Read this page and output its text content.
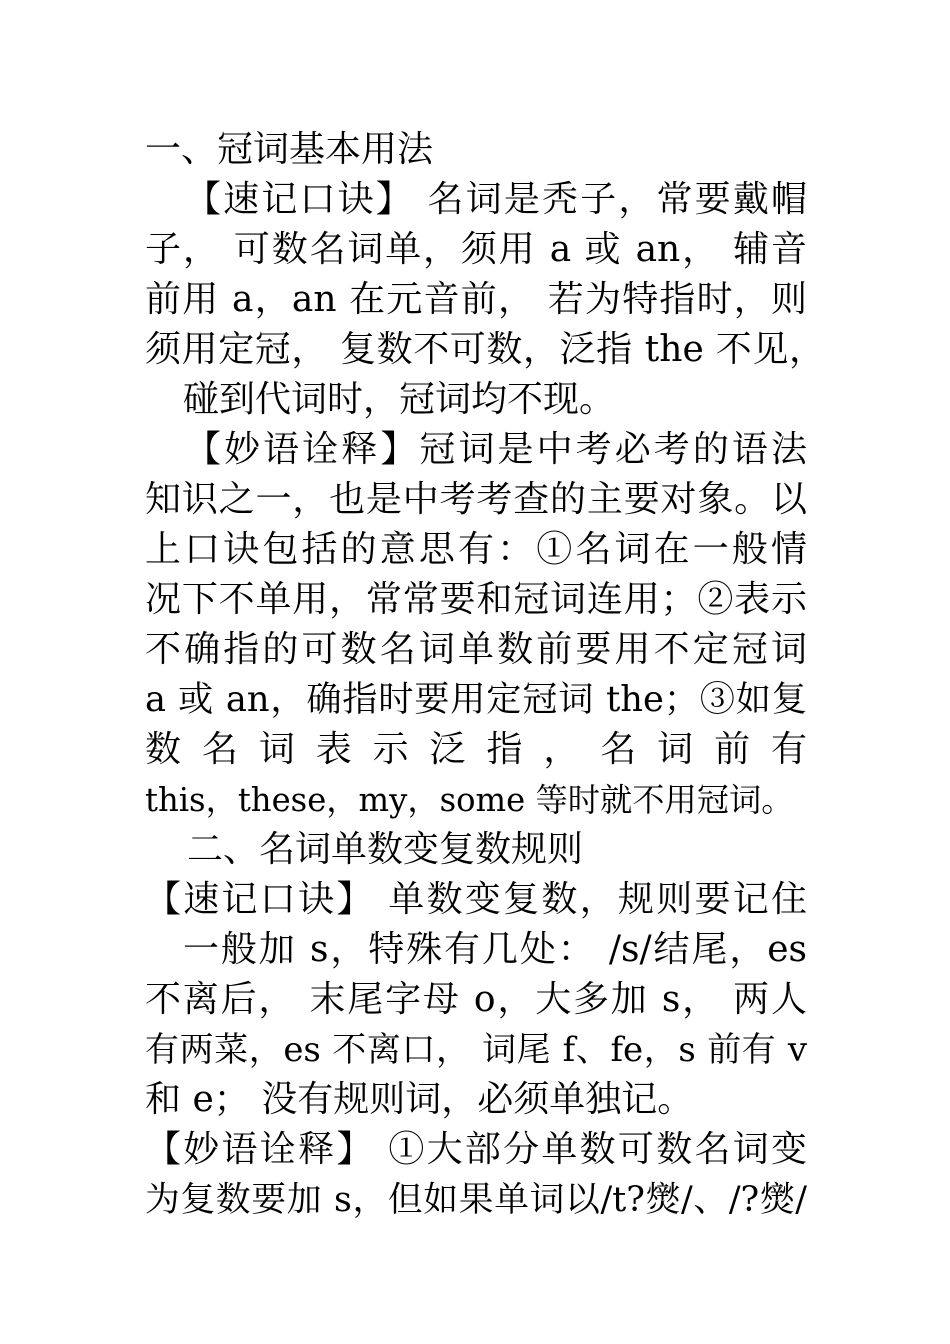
一、冠词基本用法
【速记口诀】 名词是秃子，常要戴帽
子， 可数名词单，须用 a 或 an， 辅音
前用 a，an 在元音前， 若为特指时，则
须用定冠， 复数不可数，泛指 the 不见，
碰到代词时，冠词均不现。
【妙语诠释】冠词是中考必考的语法
知识之一，也是中考考查的主要对象。以
上口诀包括的意思有：①名词在一般情
况下不单用，常常要和冠词连用；②表示
不确指的可数名词单数前要用不定冠词
a 或 an，确指时要用定冠词 the；③如复
数 名 词 表 示 泛 指 ， 名 词 前 有
this，these，my，some 等时就不用冠词。
二、名词单数变复数规则
【速记口诀】 单数变复数，规则要记住
一般加 s，特殊有几处： /s/结尾，es
不离后， 末尾字母 o，大多加 s， 两人
有两菜，es 不离口， 词尾 f、fe，s 前有 v
和 e； 没有规则词，必须单独记。
【妙语诠释】 ①大部分单数可数名词变
为复数要加 s，但如果单词以/t?㸉/、/?㸉/
